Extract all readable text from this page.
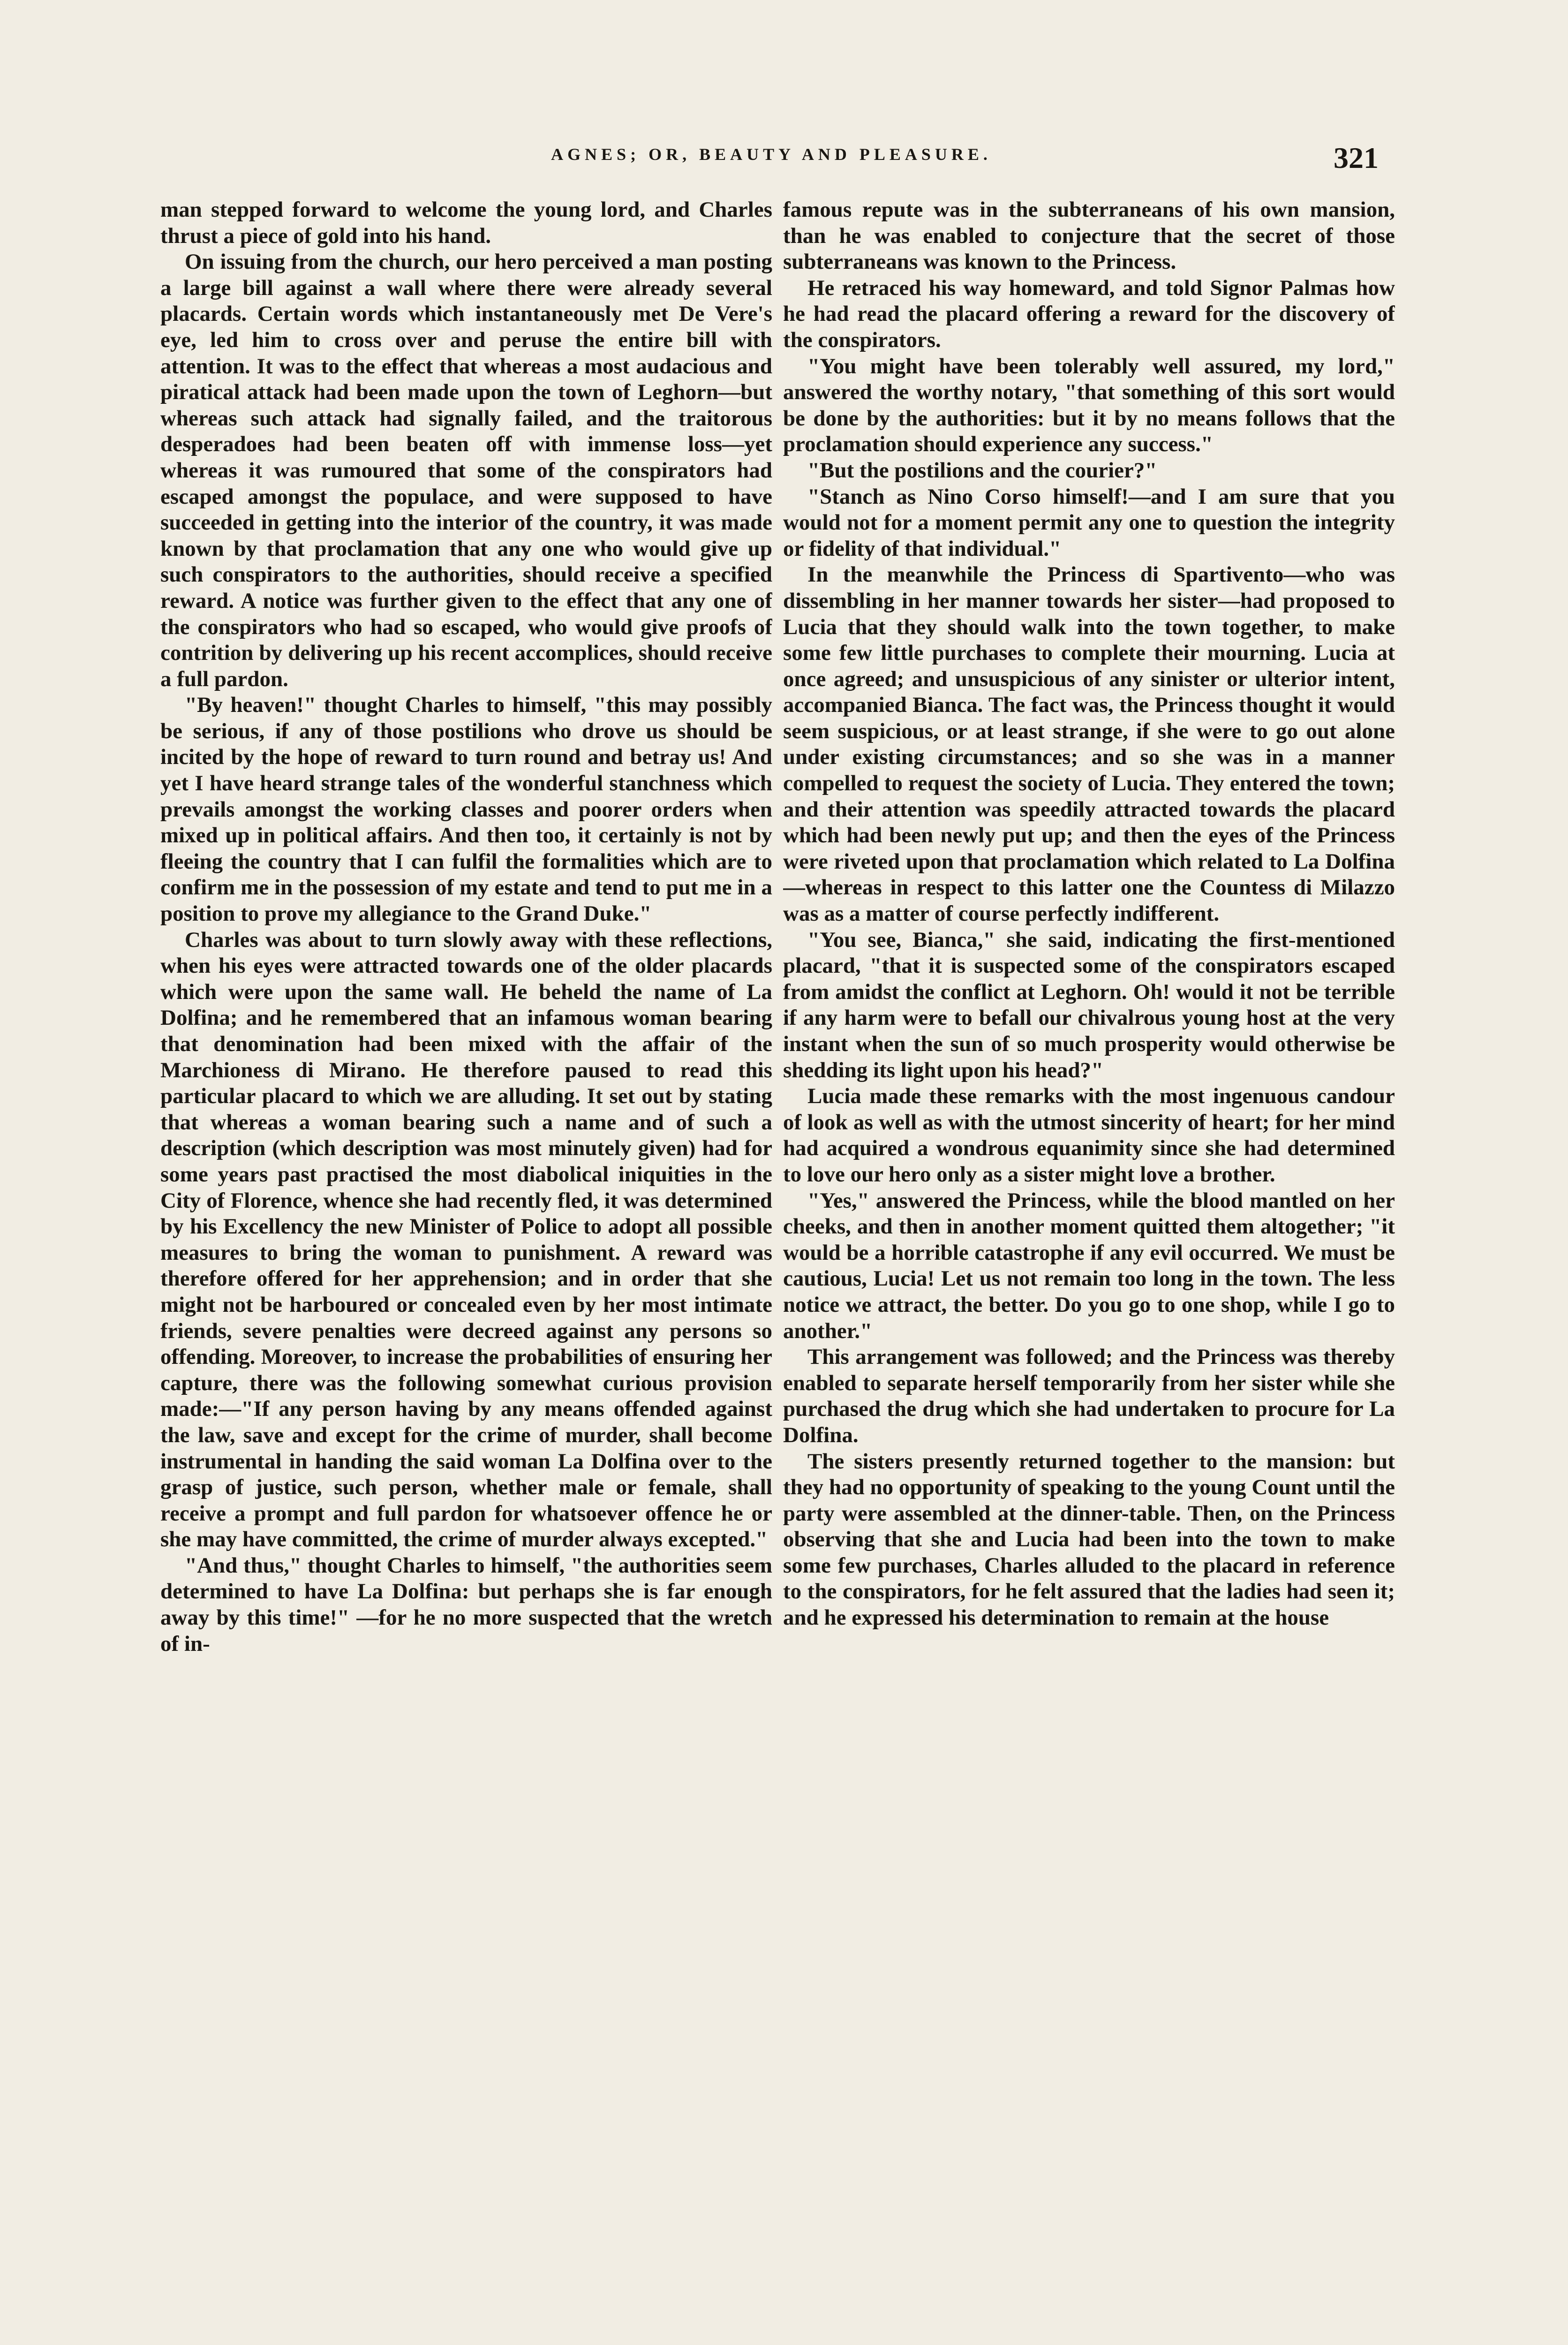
AGNES; OR, BEAUTY AND PLEASURE.	321

man stepped forward to welcome the young lord, and Charles thrust a piece of gold into his hand.

On issuing from the church, our hero perceived a man posting a large bill against a wall where there were already several placards. Certain words which instantaneously met De Vere's eye, led him to cross over and peruse the entire bill with attention. It was to the effect that whereas a most audacious and piratical attack had been made upon the town of Leghorn—but whereas such attack had signally failed, and the traitorous desperadoes had been beaten off with immense loss—yet whereas it was rumoured that some of the conspirators had escaped amongst the populace, and were supposed to have succeeded in getting into the interior of the country, it was made known by that proclamation that any one who would give up such conspirators to the authorities, should receive a specified reward. A notice was further given to the effect that any one of the conspirators who had so escaped, who would give proofs of contrition by delivering up his recent accomplices, should receive a full pardon.

"By heaven!" thought Charles to himself, "this may possibly be serious, if any of those postilions who drove us should be incited by the hope of reward to turn round and betray us! And yet I have heard strange tales of the wonderful stanchness which prevails amongst the working classes and poorer orders when mixed up in political affairs. And then too, it certainly is not by fleeing the country that I can fulfil the formalities which are to confirm me in the possession of my estate and tend to put me in a position to prove my allegiance to the Grand Duke."

Charles was about to turn slowly away with these reflections, when his eyes were attracted towards one of the older placards which were upon the same wall. He beheld the name of La Dolfina; and he remembered that an infamous woman bearing that denomination had been mixed with the affair of the Marchioness di Mirano. He therefore paused to read this particular placard to which we are alluding. It set out by stating that whereas a woman bearing such a name and of such a description (which description was most minutely given) had for some years past practised the most diabolical iniquities in the City of Florence, whence she had recently fled, it was determined by his Excellency the new Minister of Police to adopt all possible measures to bring the woman to punishment. A reward was therefore offered for her apprehension; and in order that she might not be harboured or concealed even by her most intimate friends, severe penalties were decreed against any persons so offending. Moreover, to increase the probabilities of ensuring her capture, there was the following somewhat curious provision made:—"If any person having by any means offended against the law, save and except for the crime of murder, shall become instrumental in handing the said woman La Dolfina over to the grasp of justice, such person, whether male or female, shall receive a prompt and full pardon for whatsoever offence he or she may have committed, the crime of murder always excepted."

"And thus," thought Charles to himself, "the authorities seem determined to have La Dolfina: but perhaps she is far enough away by this time!" —for he no more suspected that the wretch of in-

famous repute was in the subterraneans of his own mansion, than he was enabled to conjecture that the secret of those subterraneans was known to the Princess.

He retraced his way homeward, and told Signor Palmas how he had read the placard offering a reward for the discovery of the conspirators.

"You might have been tolerably well assured, my lord," answered the worthy notary, "that something of this sort would be done by the authorities: but it by no means follows that the proclamation should experience any success."

"But the postilions and the courier?"

"Stanch as Nino Corso himself!—and I am sure that you would not for a moment permit any one to question the integrity or fidelity of that individual."

In the meanwhile the Princess di Spartivento—who was dissembling in her manner towards her sister—had proposed to Lucia that they should walk into the town together, to make some few little purchases to complete their mourning. Lucia at once agreed; and unsuspicious of any sinister or ulterior intent, accompanied Bianca. The fact was, the Princess thought it would seem suspicious, or at least strange, if she were to go out alone under existing circumstances; and so she was in a manner compelled to request the society of Lucia. They entered the town; and their attention was speedily attracted towards the placard which had been newly put up; and then the eyes of the Princess were riveted upon that proclamation which related to La Dolfina—whereas in respect to this latter one the Countess di Milazzo was as a matter of course perfectly indifferent.

"You see, Bianca," she said, indicating the first-mentioned placard, "that it is suspected some of the conspirators escaped from amidst the conflict at Leghorn. Oh! would it not be terrible if any harm were to befall our chivalrous young host at the very instant when the sun of so much prosperity would otherwise be shedding its light upon his head?"

Lucia made these remarks with the most ingenuous candour of look as well as with the utmost sincerity of heart; for her mind had acquired a wondrous equanimity since she had determined to love our hero only as a sister might love a brother.

"Yes," answered the Princess, while the blood mantled on her cheeks, and then in another moment quitted them altogether; "it would be a horrible catastrophe if any evil occurred. We must be cautious, Lucia! Let us not remain too long in the town. The less notice we attract, the better. Do you go to one shop, while I go to another."

This arrangement was followed; and the Princess was thereby enabled to separate herself temporarily from her sister while she purchased the drug which she had undertaken to procure for La Dolfina.

The sisters presently returned together to the mansion: but they had no opportunity of speaking to the young Count until the party were assembled at the dinner-table. Then, on the Princess observing that she and Lucia had been into the town to make some few purchases, Charles alluded to the placard in reference to the conspirators, for he felt assured that the ladies had seen it; and he expressed his determination to remain at the house
